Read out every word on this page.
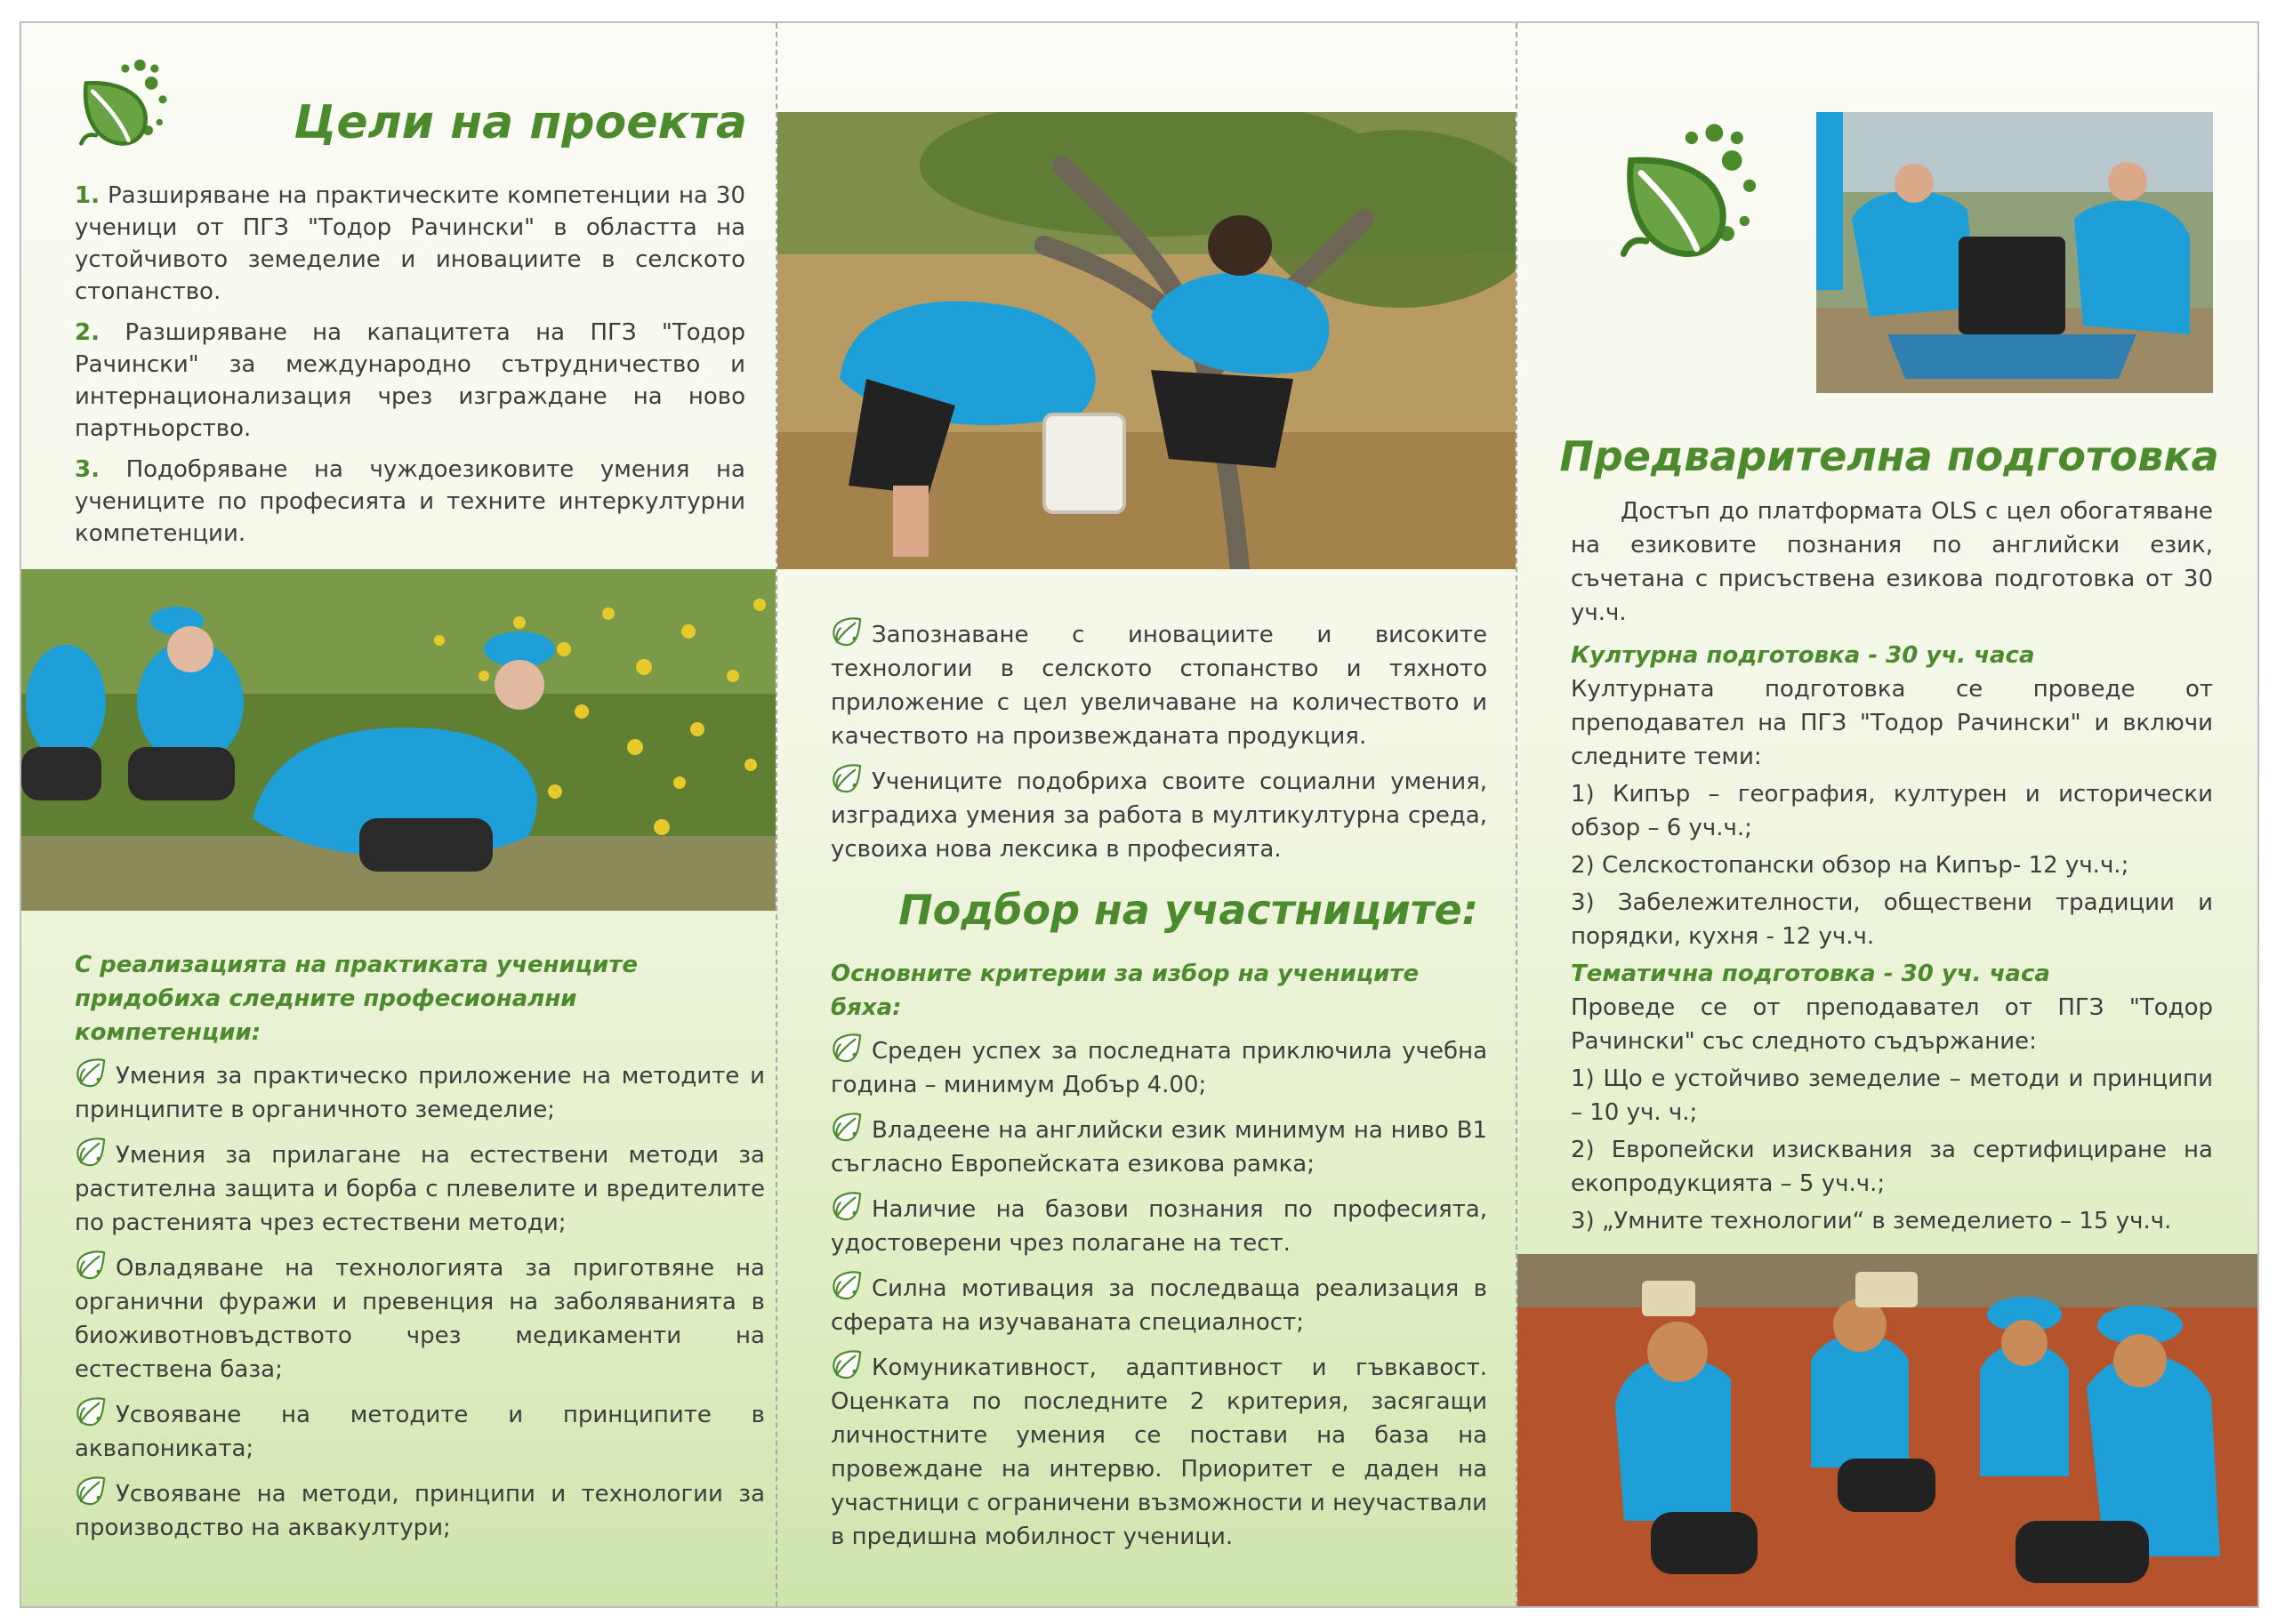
Цели на проекта

1. Разширяване на практическите компетенции на 30 ученици от ПГЗ "Тодор Рачински" в областта на устойчивото земеделие и иновациите в селското стопанство.

2. Разширяване на капацитета на ПГЗ "Тодор Рачински" за международно сътрудничество и интернационализация чрез изграждане на ново партньорство.

3. Подобряване на чуждоезиковите умения на учениците по професията и техните интеркултурни компетенции.

С реализацията на практиката учениците придобиха следните професионални компетенции:

Умения за практическо приложение на методите и принципите в органичното земеделие;

Умения за прилагане на естествени методи за растителна защита и борба с плевелите и вредителите по растенията чрез естествени методи;

Овладяване на технологията за приготвяне на органични фуражи и превенция на заболяванията в биоживотновъдството чрез медикаменти на естествена база;

Усвояване на методите и принципите в аквапониката;

Усвояване на методи, принципи и технологии за производство на аквакултури;

Запознаване с иновациите и високите технологии в селското стопанство и тяхното приложение с цел увеличаване на количеството и качеството на произвежданата продукция.

Учениците подобриха своите социални умения, изградиха умения за работа в мултикултурна среда, усвоиха нова лексика в професията.

Подбор на участниците:

Основните критерии за избор на учениците бяха:

Среден успех за последната приключила учебна година – минимум Добър 4.00;

Владеене на английски език минимум на ниво B1 съгласно Европейската езикова рамка;

Наличие на базови познания по професията, удостоверени чрез полагане на тест.

Силна мотивация за последваща реализация в сферата на изучаваната специалност;

Комуникативност, адаптивност и гъвкавост. Оценката по последните 2 критерия, засягащи личностните умения се постави на база на провеждане на интервю. Приоритет е даден на участници с ограничени възможности и неучаствали в предишна мобилност ученици.

Предварителна подготовка

Достъп до платформата OLS с цел обогатяване на езиковите познания по английски език, съчетана с присъствена езикова подготовка от 30 уч.ч.

Културна подготовка - 30 уч. часа

Културната подготовка се проведе от преподавател на ПГЗ "Тодор Рачински" и включи следните теми:

1) Кипър – география, културен и исторически обзор – 6 уч.ч.;

2) Селскостопански обзор на Кипър- 12 уч.ч.;

3) Забележителности, обществени традиции и порядки, кухня - 12 уч.ч.

Тематична подготовка - 30 уч. часа

Проведе се от преподавател от ПГЗ "Тодор Рачински" със следното съдържание:

1) Що е устойчиво земеделие – методи и принципи – 10 уч. ч.;

2) Европейски изисквания за сертифициране на екопродукцията – 5 уч.ч.;

3) „Умните технологии“ в земеделието – 15 уч.ч.
